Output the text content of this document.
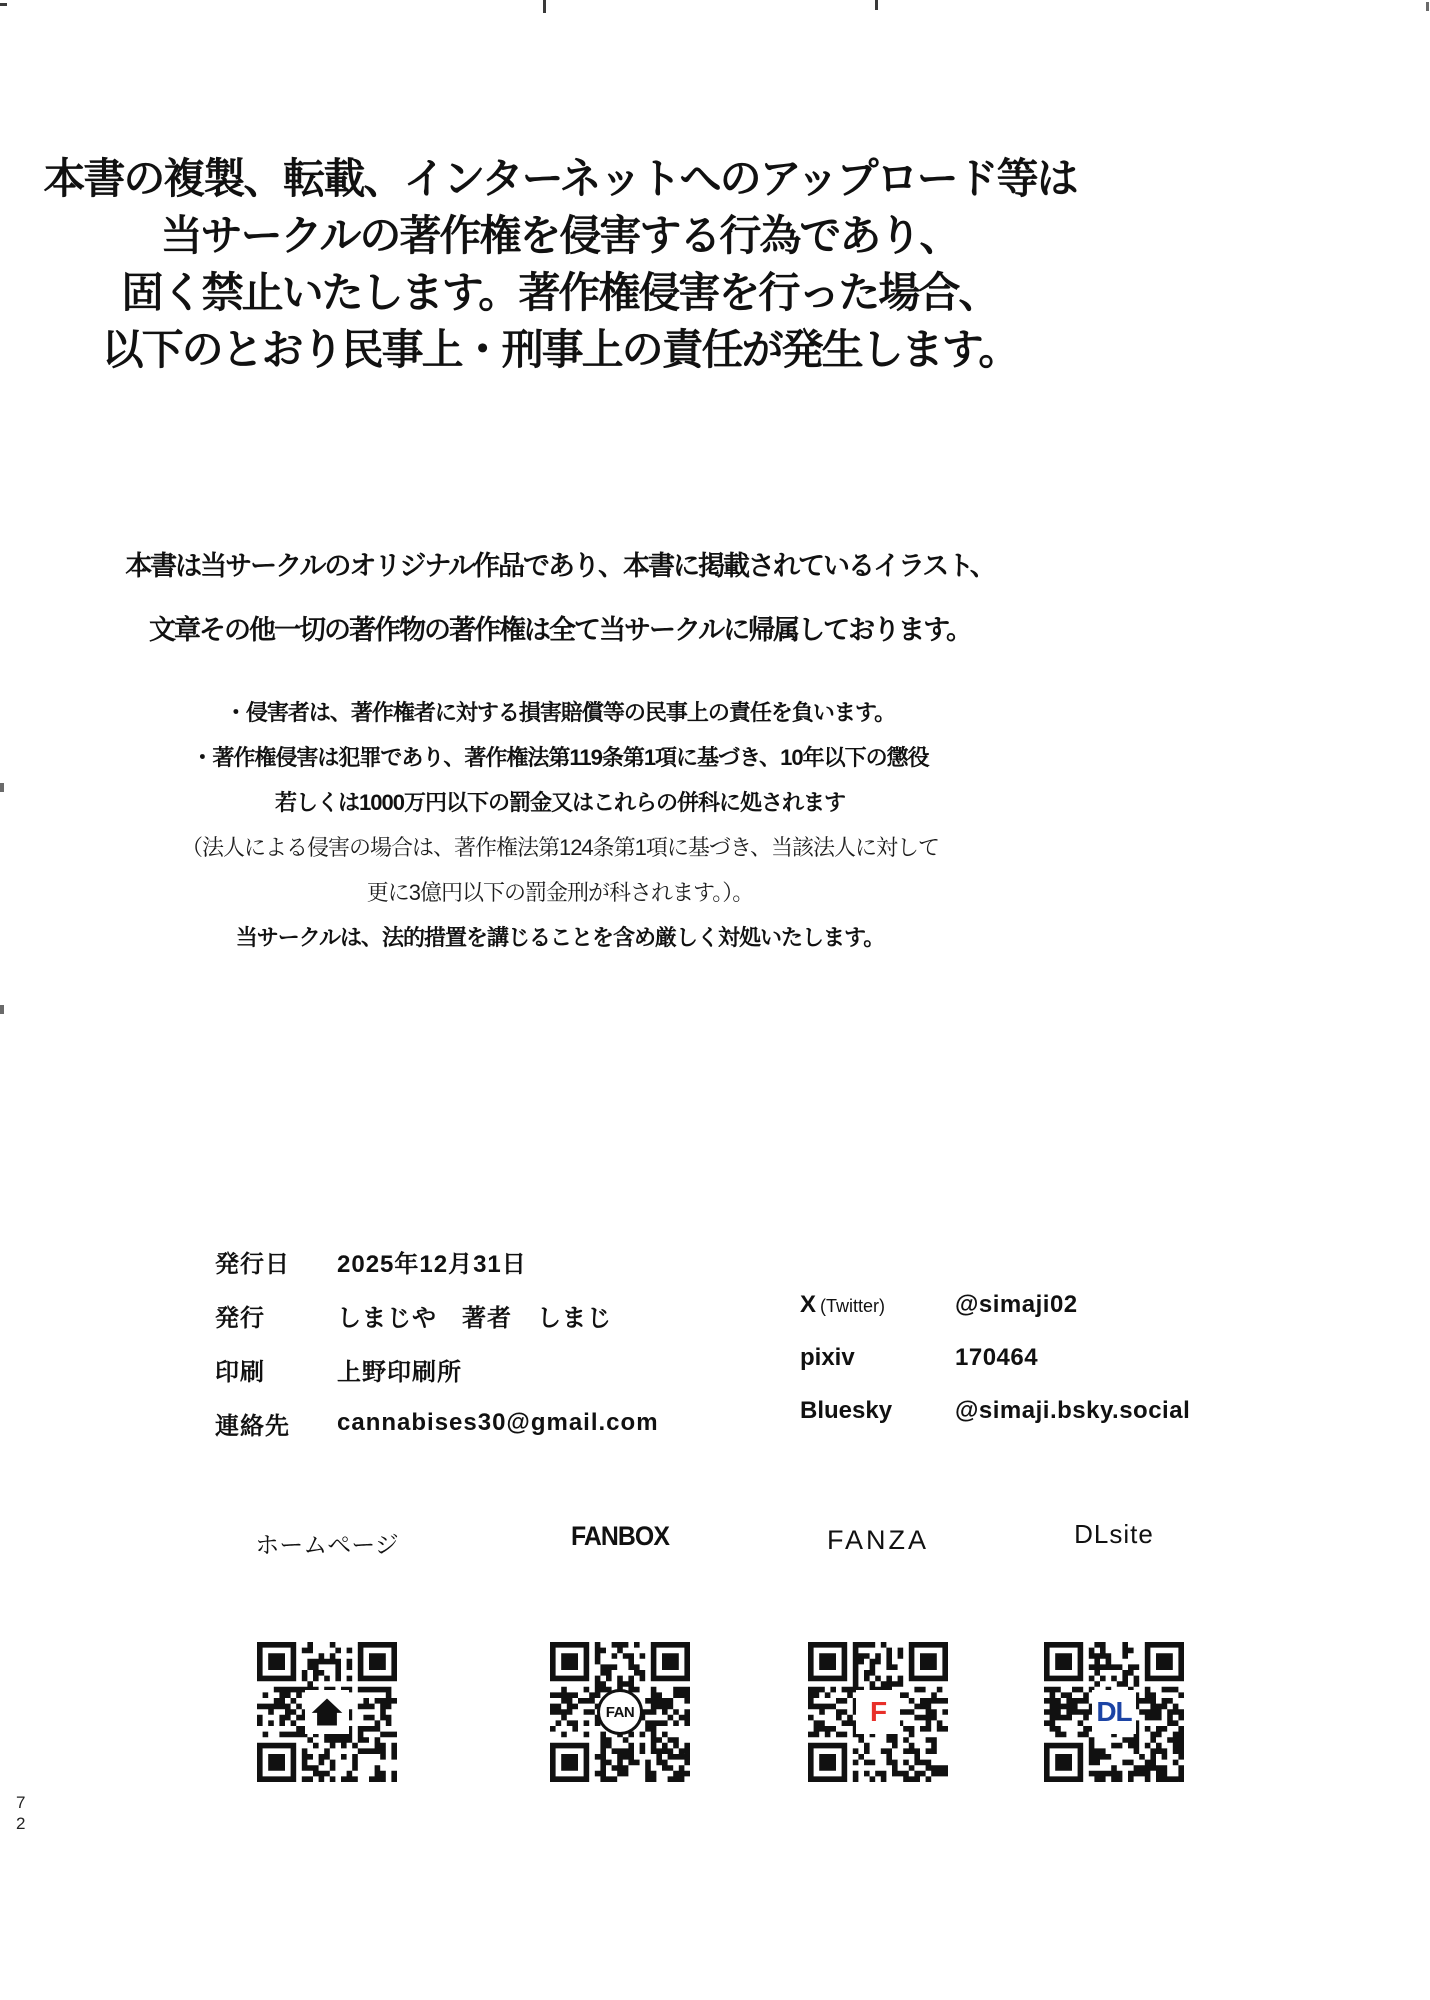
本書の複製、転載、インターネットへのアップロード等は
当サークルの著作権を侵害する行為であり、
固く禁止いたします。著作権侵害を行った場合、
以下のとおり民事上・刑事上の責任が発生します。
本書は当サークルのオリジナル作品であり、本書に掲載されているイラスト、
文章その他一切の著作物の著作権は全て当サークルに帰属しております。
・侵害者は、著作権者に対する損害賠償等の民事上の責任を負います。
・著作権侵害は犯罪であり、著作権法第119条第1項に基づき、10年以下の懲役
若しくは1000万円以下の罰金又はこれらの併科に処されます
（法人による侵害の場合は、著作権法第124条第1項に基づき、当該法人に対して
更に3億円以下の罰金刑が科されます。）。
当サークルは、法的措置を講じることを含め厳しく対処いたします。
発行日	2025年12月31日
発行	しまじや　著者　しまじ
印刷	上野印刷所
連絡先	cannabises30@gmail.com
X (Twitter)	@simaji02
pixiv	170464
Bluesky	@simaji.bsky.social
ホームページ	FANBOX
FAN
FANZA
F
DLsite
DL
72
